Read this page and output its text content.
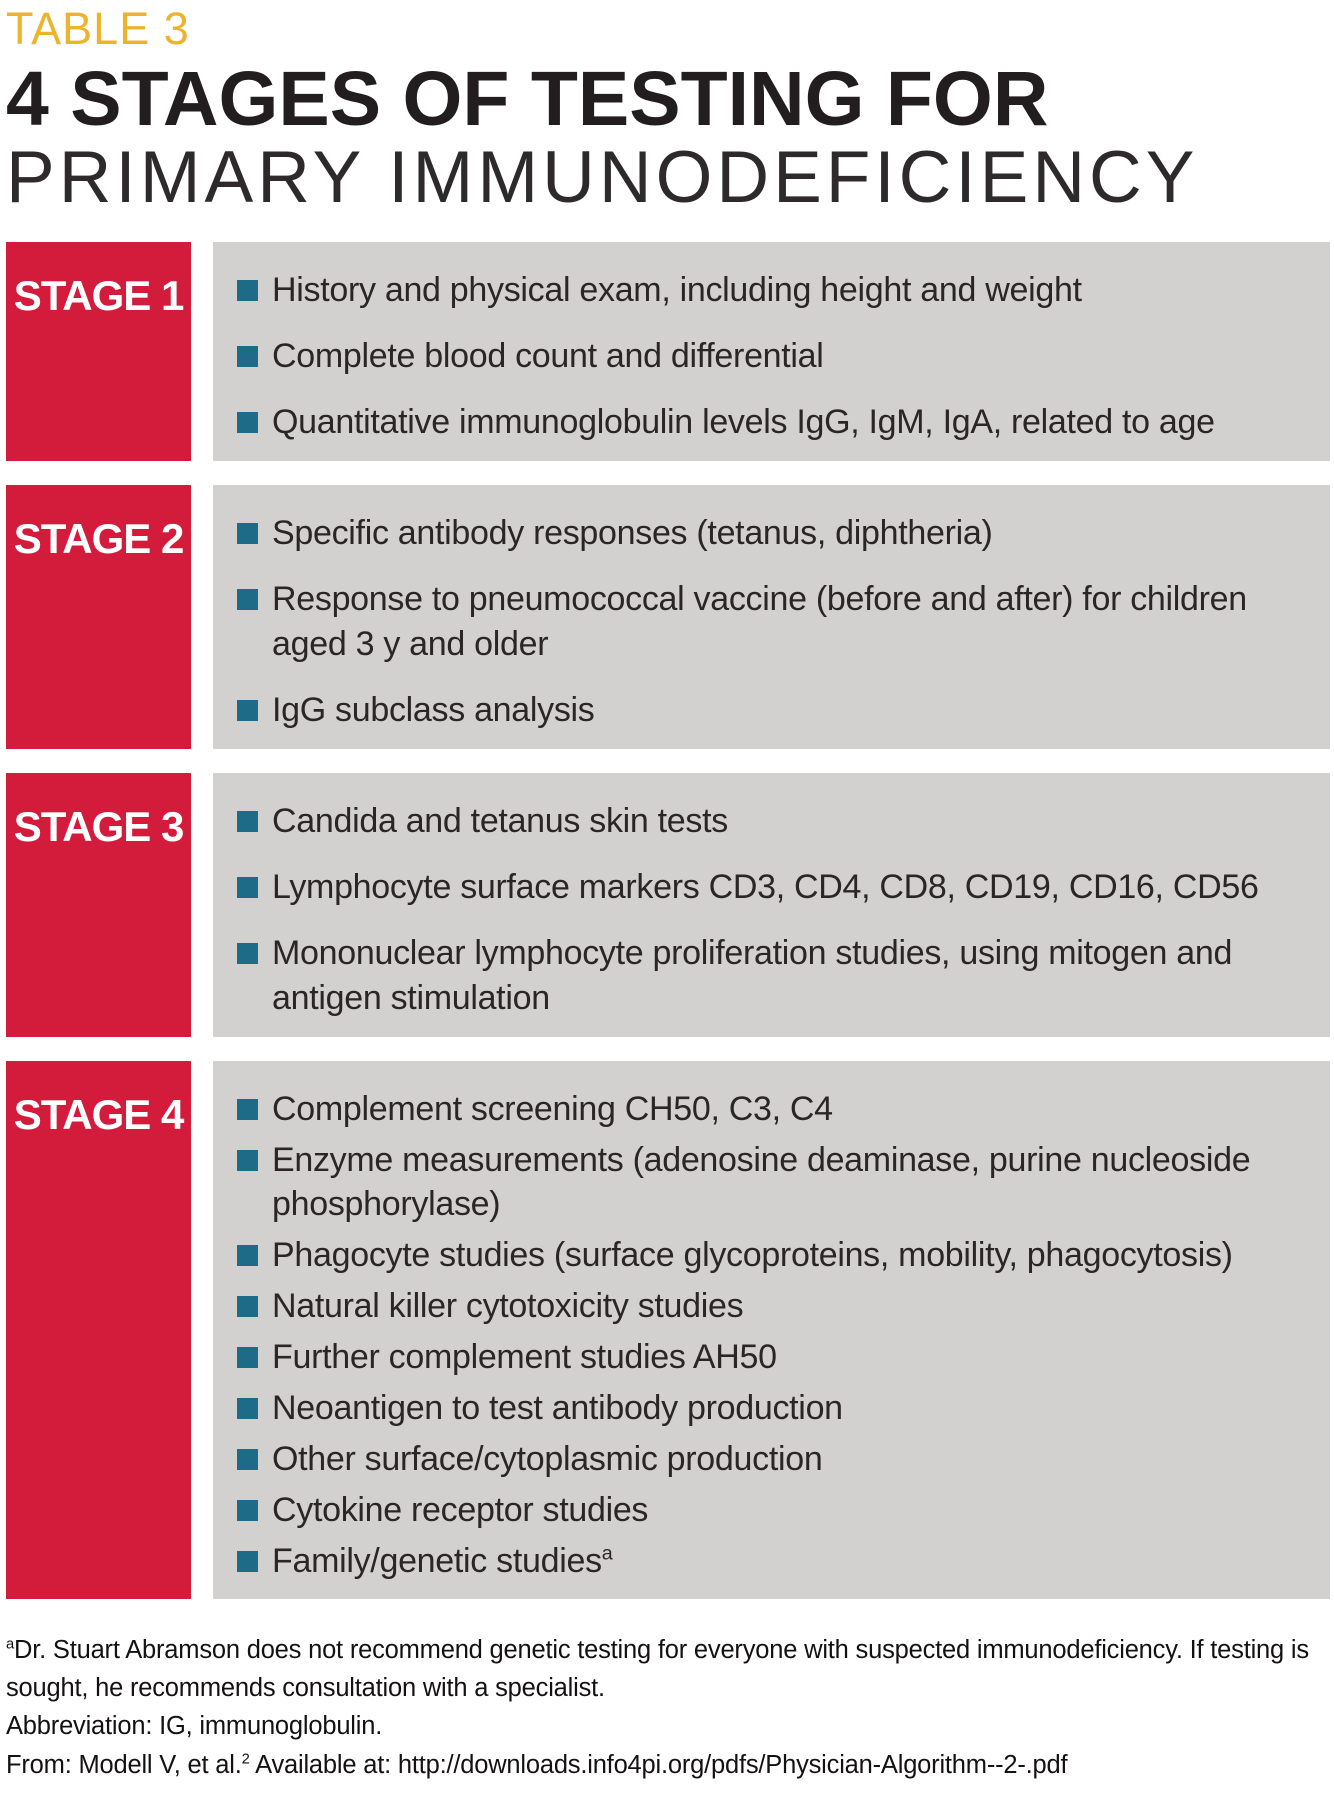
TABLE 3
4 STAGES OF TESTING FOR
PRIMARY IMMUNODEFICIENCY
STAGE 1	History and physical exam, including height and weight
Complete blood count and differential
Quantitative immunoglobulin levels IgG, IgM, IgA, related to age
STAGE 2	Specific antibody responses (tetanus, diphtheria)
Response to pneumococcal vaccine (before and after) for children aged 3 y and older
IgG subclass analysis
STAGE 3	Candida and tetanus skin tests
Lymphocyte surface markers CD3, CD4, CD8, CD19, CD16, CD56
Mononuclear lymphocyte proliferation studies, using mitogen and antigen stimulation
STAGE 4	Complement screening CH50, C3, C4
Enzyme measurements (adenosine deaminase, purine nucleoside phosphorylase)
Phagocyte studies (surface glycoproteins, mobility, phagocytosis)
Natural killer cytotoxicity studies
Further complement studies AH50
Neoantigen to test antibody production
Other surface/cytoplasmic production
Cytokine receptor studies
Family/genetic studies$^a$

$^a$Dr. Stuart Abramson does not recommend genetic testing for everyone with suspected immunodeficiency. If testing is sought, he recommends consultation with a specialist.

Abbreviation: IG, immunoglobulin.

From: Modell V, et al.$^2$ Available at: http://downloads.info4pi.org/pdfs/Physician-Algorithm--2-.pdf
